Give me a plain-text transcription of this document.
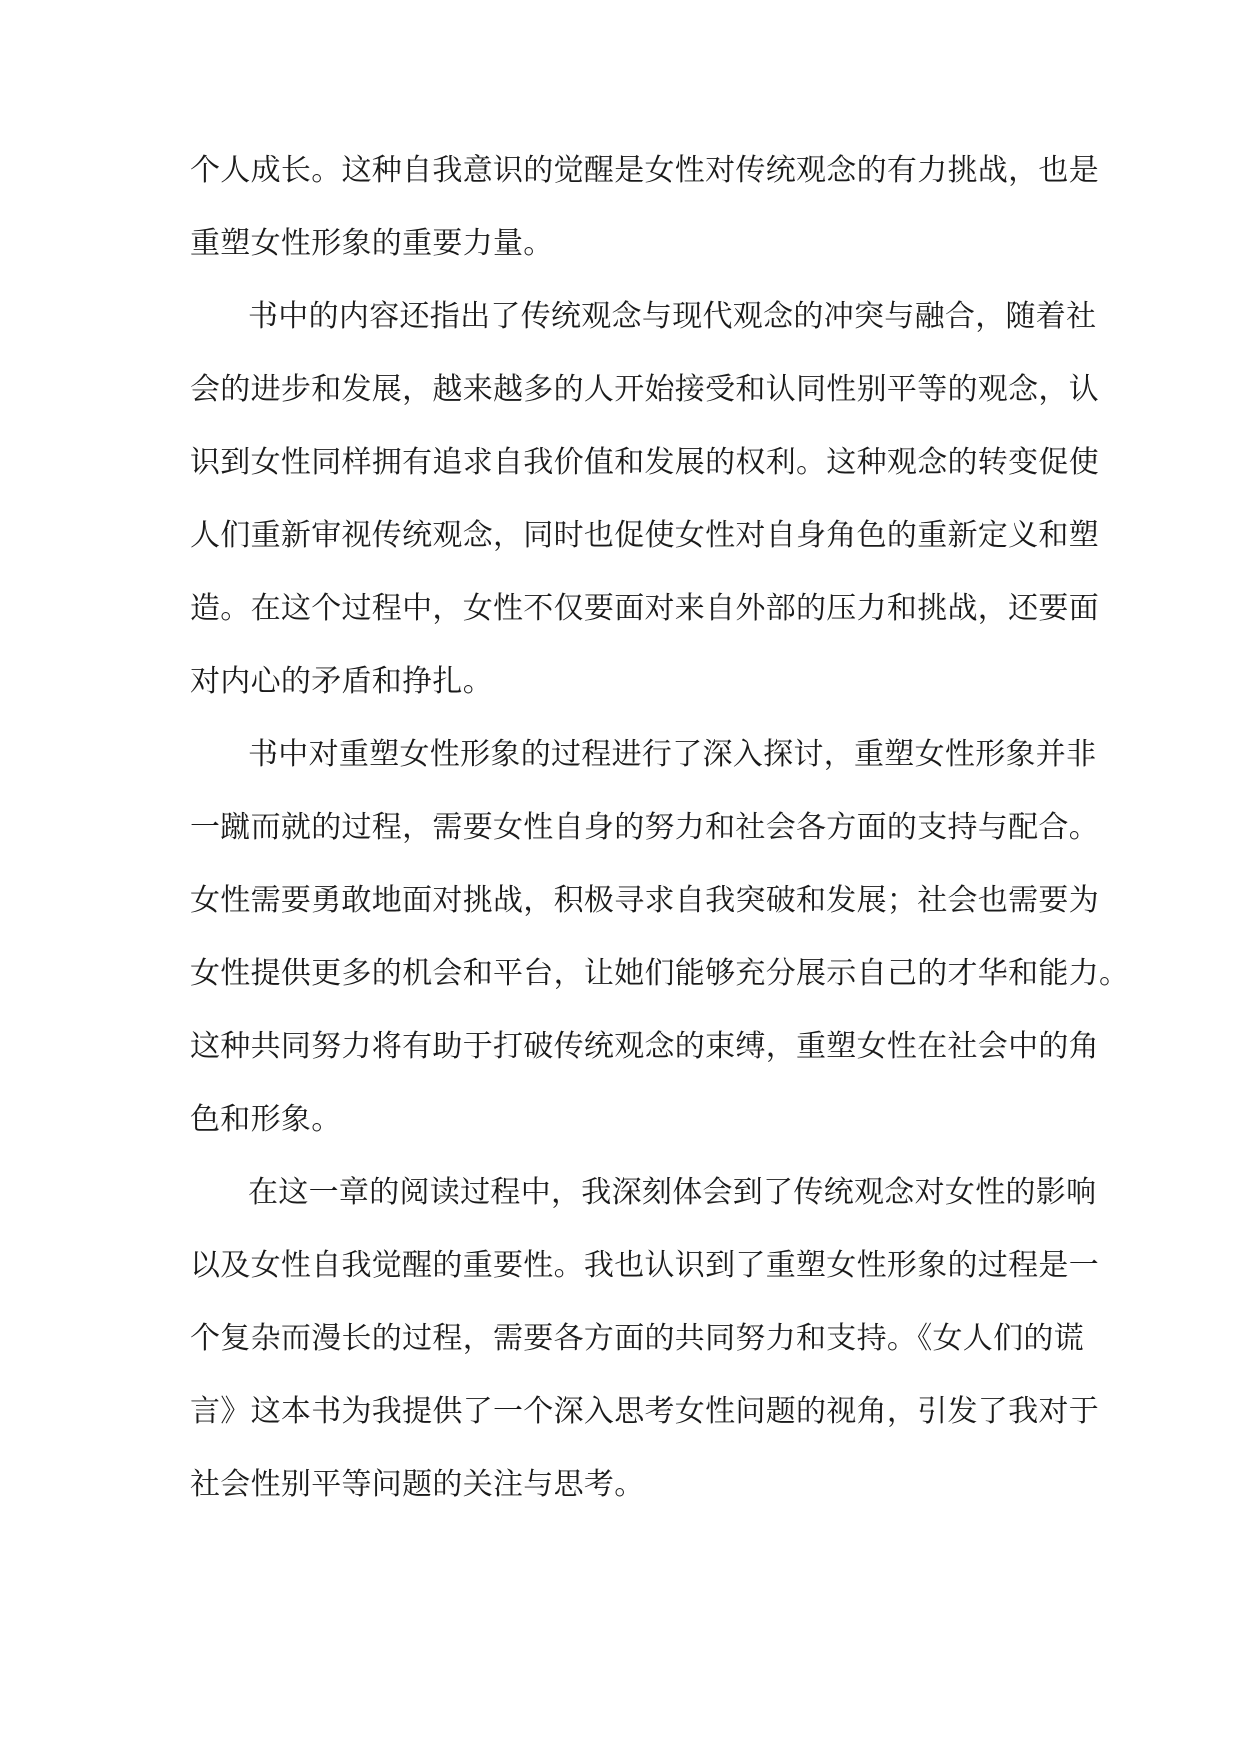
个人成长。这种自我意识的觉醒是女性对传统观念的有力挑战，也是
重塑女性形象的重要力量。
书中的内容还指出了传统观念与现代观念的冲突与融合，随着社
会的进步和发展，越来越多的人开始接受和认同性别平等的观念，认
识到女性同样拥有追求自我价值和发展的权利。这种观念的转变促使
人们重新审视传统观念，同时也促使女性对自身角色的重新定义和塑
造。在这个过程中，女性不仅要面对来自外部的压力和挑战，还要面
对内心的矛盾和挣扎。
书中对重塑女性形象的过程进行了深入探讨，重塑女性形象并非
一蹴而就的过程，需要女性自身的努力和社会各方面的支持与配合。
女性需要勇敢地面对挑战，积极寻求自我突破和发展；社会也需要为
女性提供更多的机会和平台，让她们能够充分展示自己的才华和能力。
这种共同努力将有助于打破传统观念的束缚，重塑女性在社会中的角
色和形象。
在这一章的阅读过程中，我深刻体会到了传统观念对女性的影响
以及女性自我觉醒的重要性。我也认识到了重塑女性形象的过程是一
个复杂而漫长的过程，需要各方面的共同努力和支持。《女人们的谎
言》这本书为我提供了一个深入思考女性问题的视角，引发了我对于
社会性别平等问题的关注与思考。
